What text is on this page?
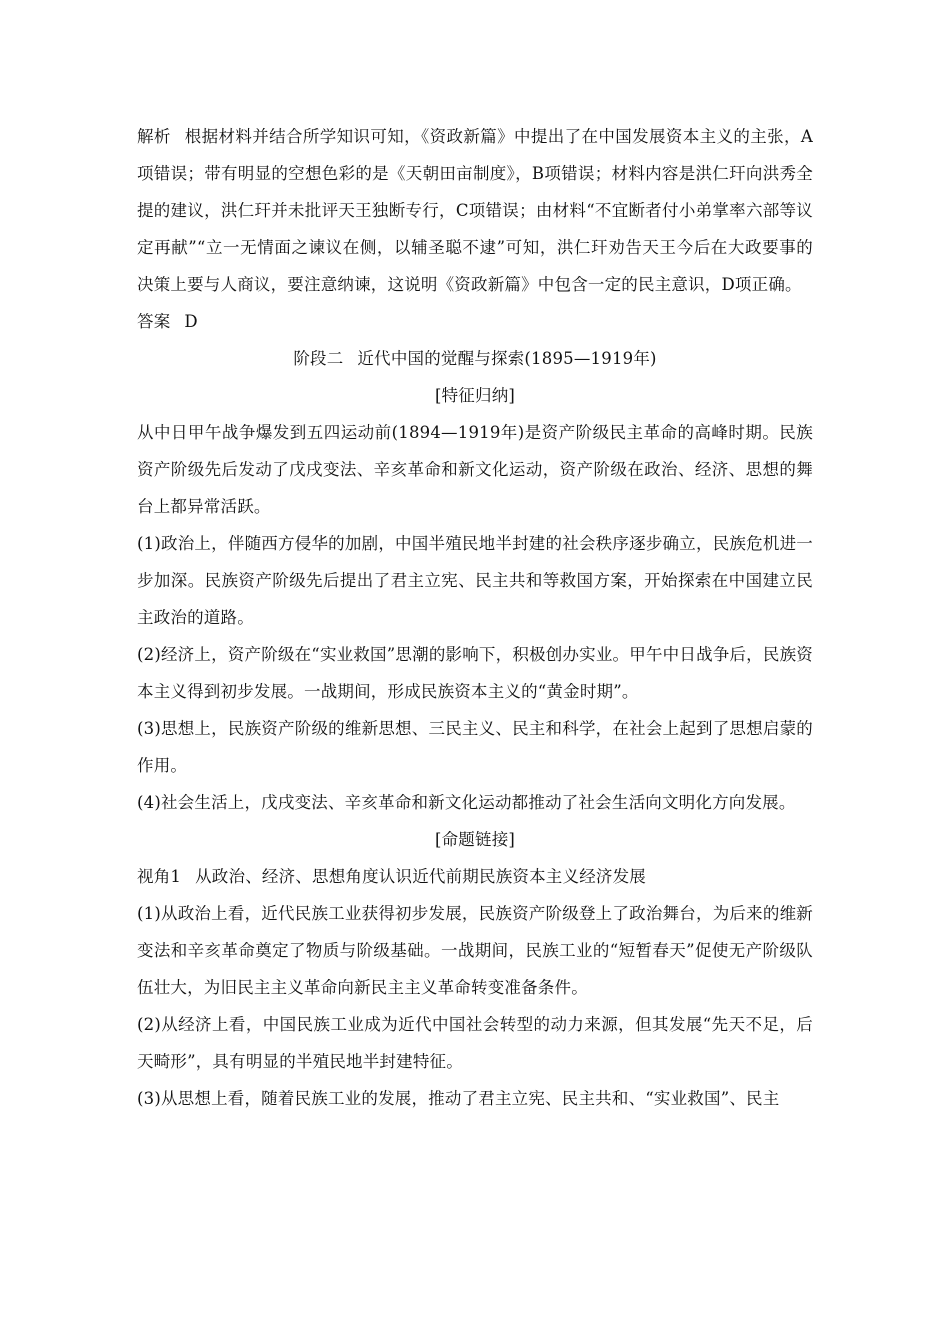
解析 根据材料并结合所学知识可知，《资政新篇》中提出了在中国发展资本主义的主张，A项错误；带有明显的空想色彩的是《天朝田亩制度》，B项错误；材料内容是洪仁玕向洪秀全提的建议，洪仁玕并未批评天王独断专行，C项错误；由材料“不宜断者付小弟掌率六部等议定再献”“立一无情面之谏议在侧，以辅圣聪不逮”可知，洪仁玕劝告天王今后在大政要事的决策上要与人商议，要注意纳谏，这说明《资政新篇》中包含一定的民主意识，D项正确。

答案 D

阶段二 近代中国的觉醒与探索(1895—1919年)

[特征归纳]

从中日甲午战争爆发到五四运动前(1894—1919年)是资产阶级民主革命的高峰时期。民族资产阶级先后发动了戊戌变法、辛亥革命和新文化运动，资产阶级在政治、经济、思想的舞台上都异常活跃。

(1)政治上，伴随西方侵华的加剧，中国半殖民地半封建的社会秩序逐步确立，民族危机进一步加深。民族资产阶级先后提出了君主立宪、民主共和等救国方案，开始探索在中国建立民主政治的道路。

(2)经济上，资产阶级在“实业救国”思潮的影响下，积极创办实业。甲午中日战争后，民族资本主义得到初步发展。一战期间，形成民族资本主义的“黄金时期”。

(3)思想上，民族资产阶级的维新思想、三民主义、民主和科学，在社会上起到了思想启蒙的作用。

(4)社会生活上，戊戌变法、辛亥革命和新文化运动都推动了社会生活向文明化方向发展。

[命题链接]

视角1 从政治、经济、思想角度认识近代前期民族资本主义经济发展

(1)从政治上看，近代民族工业获得初步发展，民族资产阶级登上了政治舞台，为后来的维新变法和辛亥革命奠定了物质与阶级基础。一战期间，民族工业的“短暂春天”促使无产阶级队伍壮大，为旧民主主义革命向新民主主义革命转变准备条件。

(2)从经济上看，中国民族工业成为近代中国社会转型的动力来源，但其发展“先天不足，后天畸形”，具有明显的半殖民地半封建特征。

(3)从思想上看，随着民族工业的发展，推动了君主立宪、民主共和、“实业救国”、民主
